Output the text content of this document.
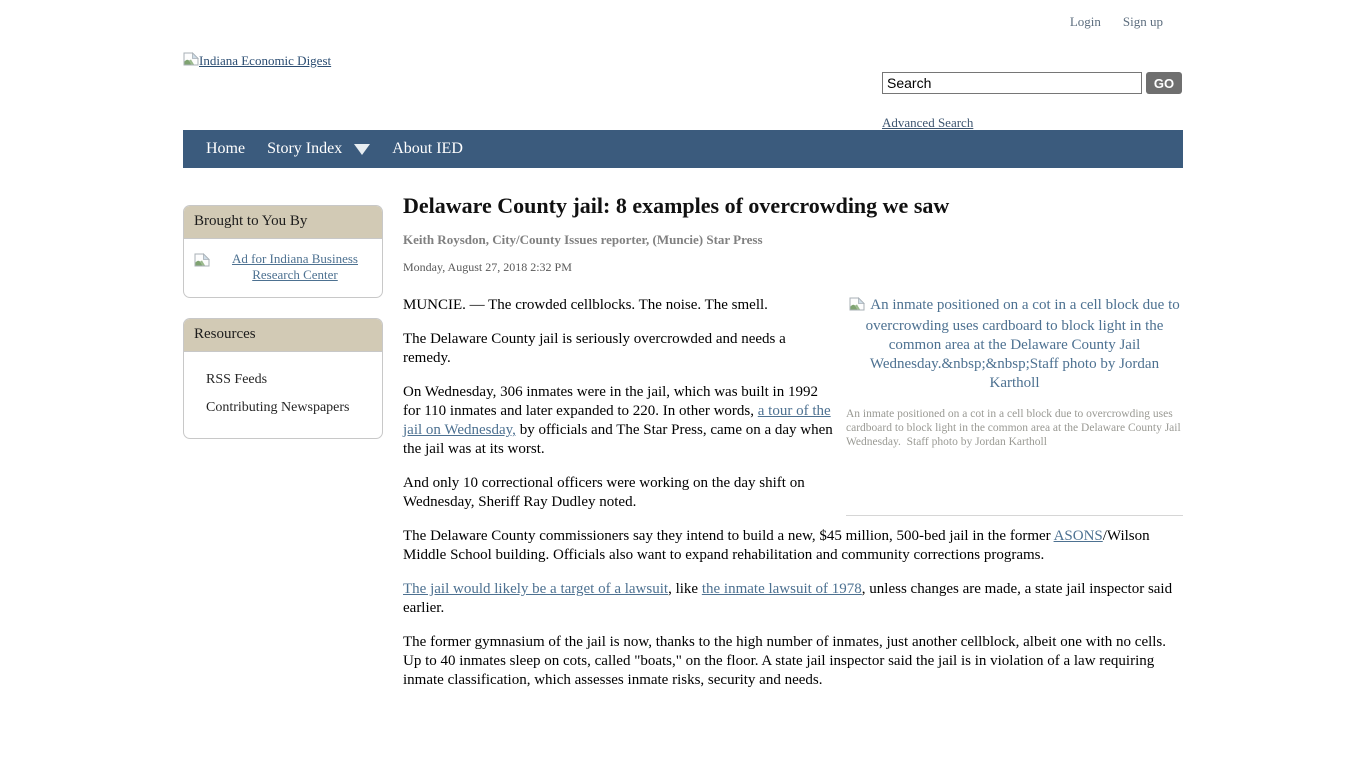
Login Sign up
Indiana Economic Digest
Search
GO
Advanced Search
Home Story Index	About IED
Brought to You By
Ad for Indiana Business Research Center
Resources
RSS Feeds
Contributing Newspapers
Delaware County jail: 8 examples of overcrowding we saw
Keith Roysdon, City/County Issues reporter, (Muncie) Star Press
Monday, August 27, 2018 2:32 PM
An inmate positioned on a cot in a cell block due to overcrowding uses cardboard to block light in the common area at the Delaware County Jail Wednesday.&nbsp;&nbsp;Staff photo by Jordan Kartholl
An inmate positioned on a cot in a cell block due to overcrowding uses cardboard to block light in the common area at the Delaware County Jail Wednesday.  Staff photo by Jordan Kartholl

MUNCIE. — The crowded cellblocks. The noise. The smell.

The Delaware County jail is seriously overcrowded and needs a remedy.

On Wednesday, 306 inmates were in the jail, which was built in 1992 for 110 inmates and later expanded to 220. In other words, a tour of the jail on Wednesday, by officials and The Star Press, came on a day when the jail was at its worst.

And only 10 correctional officers were working on the day shift on Wednesday, Sheriff Ray Dudley noted.

The Delaware County commissioners say they intend to build a new, $45 million, 500-bed jail in the former ASONS/Wilson Middle School building. Officials also want to expand rehabilitation and community corrections programs.

The jail would likely be a target of a lawsuit, like the inmate lawsuit of 1978, unless changes are made, a state jail inspector said earlier.

The former gymnasium of the jail is now, thanks to the high number of inmates, just another cellblock, albeit one with no cells. Up to 40 inmates sleep on cots, called "boats," on the floor. A state jail inspector said the jail is in violation of a law requiring inmate classification, which assesses inmate risks, security and needs.
